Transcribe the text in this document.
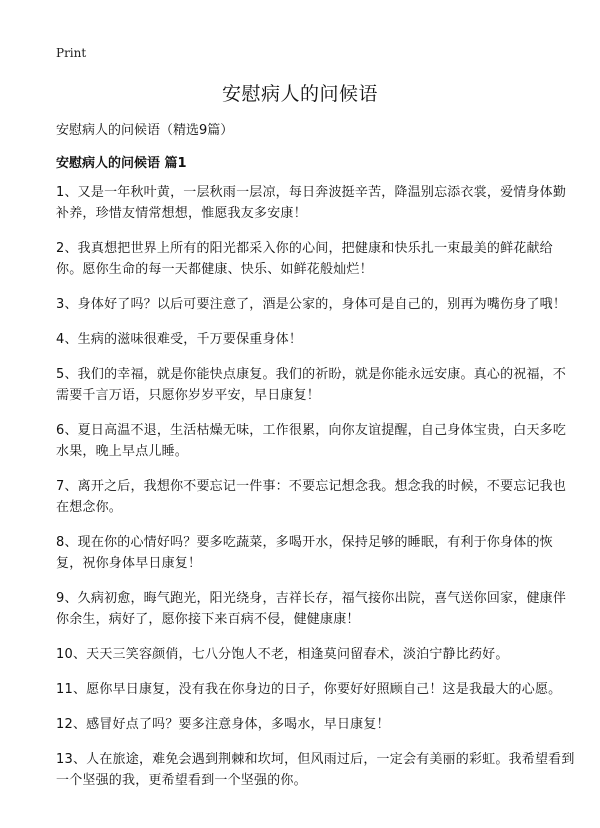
Print
安慰病人的问候语

安慰病人的问候语（精选9篇）

安慰病人的问候语 篇1

1、又是一年秋叶黄，一层秋雨一层凉，每日奔波挺辛苦，降温别忘添衣裳，爱情身体勤补养，珍惜友情常想想，惟愿我友多安康！

2、我真想把世界上所有的阳光都采入你的心间，把健康和快乐扎一束最美的鲜花献给你。愿你生命的每一天都健康、快乐、如鲜花般灿烂！

3、身体好了吗？以后可要注意了，酒是公家的，身体可是自己的，别再为嘴伤身了哦！

4、生病的滋味很难受，千万要保重身体！

5、我们的幸福，就是你能快点康复。我们的祈盼，就是你能永远安康。真心的祝福，不需要千言万语，只愿你岁岁平安，早日康复！

6、夏日高温不退，生活枯燥无味，工作很累，向你友谊提醒，自己身体宝贵，白天多吃水果，晚上早点儿睡。

7、离开之后，我想你不要忘记一件事：不要忘记想念我。想念我的时候，不要忘记我也在想念你。

8、现在你的心情好吗？要多吃蔬菜，多喝开水，保持足够的睡眠，有利于你身体的恢复，祝你身体早日康复！

9、久病初愈，晦气跑光，阳光绕身，吉祥长存，福气接你出院，喜气送你回家，健康伴你余生，病好了，愿你接下来百病不侵，健健康康！

10、天天三笑容颜俏，七八分饱人不老，相逢莫问留春术，淡泊宁静比药好。

11、愿你早日康复，没有我在你身边的日子，你要好好照顾自己！这是我最大的心愿。

12、感冒好点了吗？要多注意身体，多喝水，早日康复！

13、人在旅途，难免会遇到荆棘和坎坷，但风雨过后，一定会有美丽的彩虹。我希望看到一个坚强的我，更希望看到一个坚强的你。
